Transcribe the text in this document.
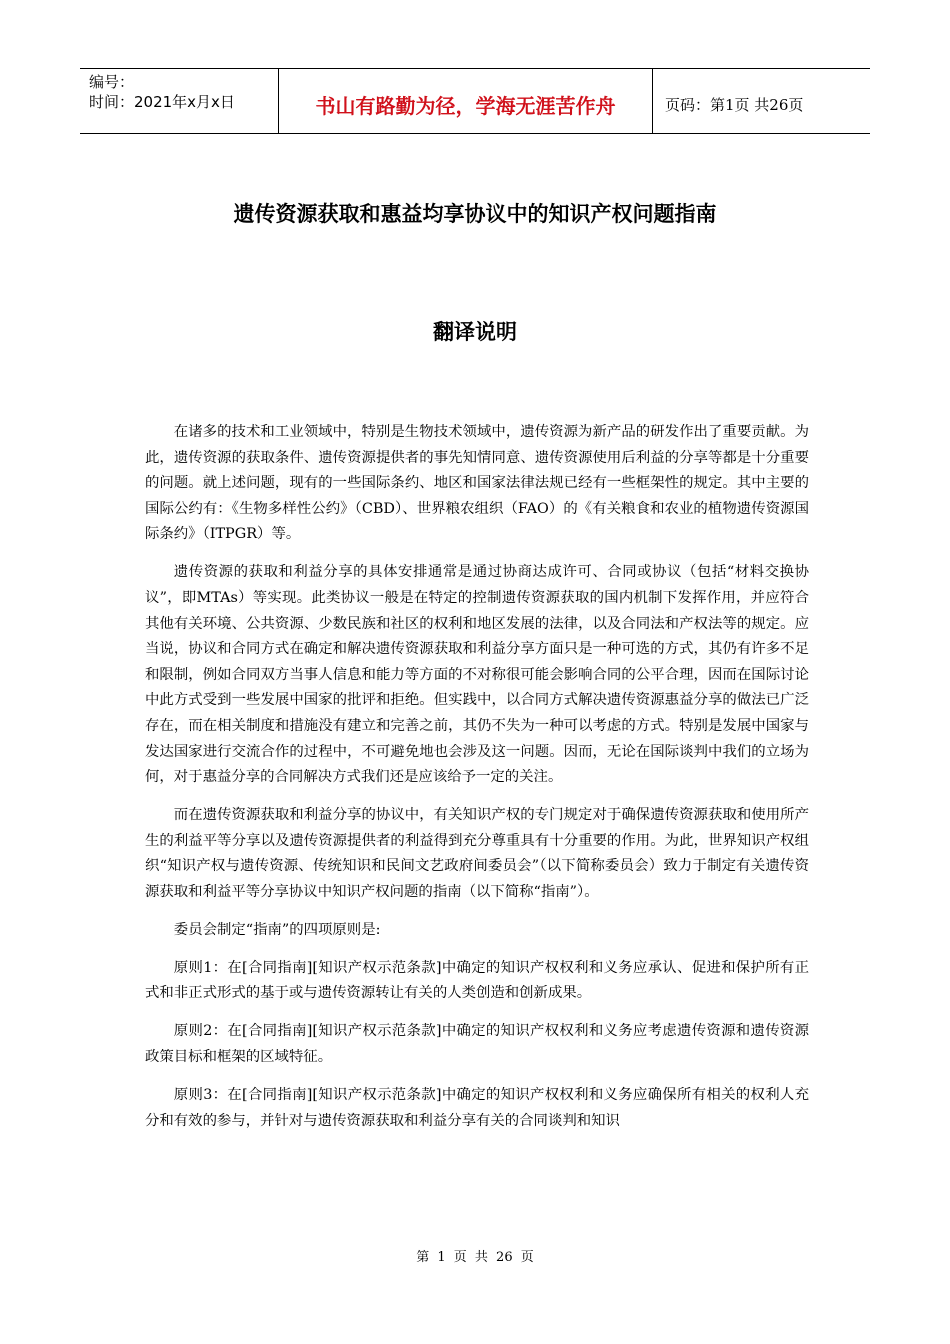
编号：
时间：2021年x月x日	书山有路勤为径，学海无涯苦作舟	页码：第1页 共26页
遗传资源获取和惠益均享协议中的知识产权问题指南
翻译说明

在诸多的技术和工业领域中，特别是生物技术领域中，遗传资源为新产品的研发作出了重要贡献。为此，遗传资源的获取条件、遗传资源提供者的事先知情同意、遗传资源使用后利益的分享等都是十分重要的问题。就上述问题，现有的一些国际条约、地区和国家法律法规已经有一些框架性的规定。其中主要的国际公约有：《生物多样性公约》（CBD）、世界粮农组织（FAO）的《有关粮食和农业的植物遗传资源国际条约》（ITPGR）等。

遗传资源的获取和利益分享的具体安排通常是通过协商达成许可、合同或协议（包括“材料交换协议”，即MTAs）等实现。此类协议一般是在特定的控制遗传资源获取的国内机制下发挥作用，并应符合其他有关环境、公共资源、少数民族和社区的权利和地区发展的法律，以及合同法和产权法等的规定。应当说，协议和合同方式在确定和解决遗传资源获取和利益分享方面只是一种可选的方式，其仍有许多不足和限制，例如合同双方当事人信息和能力等方面的不对称很可能会影响合同的公平合理，因而在国际讨论中此方式受到一些发展中国家的批评和拒绝。但实践中，以合同方式解决遗传资源惠益分享的做法已广泛存在，而在相关制度和措施没有建立和完善之前，其仍不失为一种可以考虑的方式。特别是发展中国家与发达国家进行交流合作的过程中，不可避免地也会涉及这一问题。因而，无论在国际谈判中我们的立场为何，对于惠益分享的合同解决方式我们还是应该给予一定的关注。

而在遗传资源获取和利益分享的协议中，有关知识产权的专门规定对于确保遗传资源获取和使用所产生的利益平等分享以及遗传资源提供者的利益得到充分尊重具有十分重要的作用。为此，世界知识产权组织“知识产权与遗传资源、传统知识和民间文艺政府间委员会”（以下简称委员会）致力于制定有关遗传资源获取和利益平等分享协议中知识产权问题的指南（以下简称“指南”）。

委员会制定“指南”的四项原则是:

原则1：在[合同指南][知识产权示范条款]中确定的知识产权权利和义务应承认、促进和保护所有正式和非正式形式的基于或与遗传资源转让有关的人类创造和创新成果。

原则2：在[合同指南][知识产权示范条款]中确定的知识产权权利和义务应考虑遗传资源和遗传资源政策目标和框架的区域特征。

原则3：在[合同指南][知识产权示范条款]中确定的知识产权权利和义务应确保所有相关的权利人充分和有效的参与，并针对与遗传资源获取和利益分享有关的合同谈判和知识

第 1 页 共 26 页
